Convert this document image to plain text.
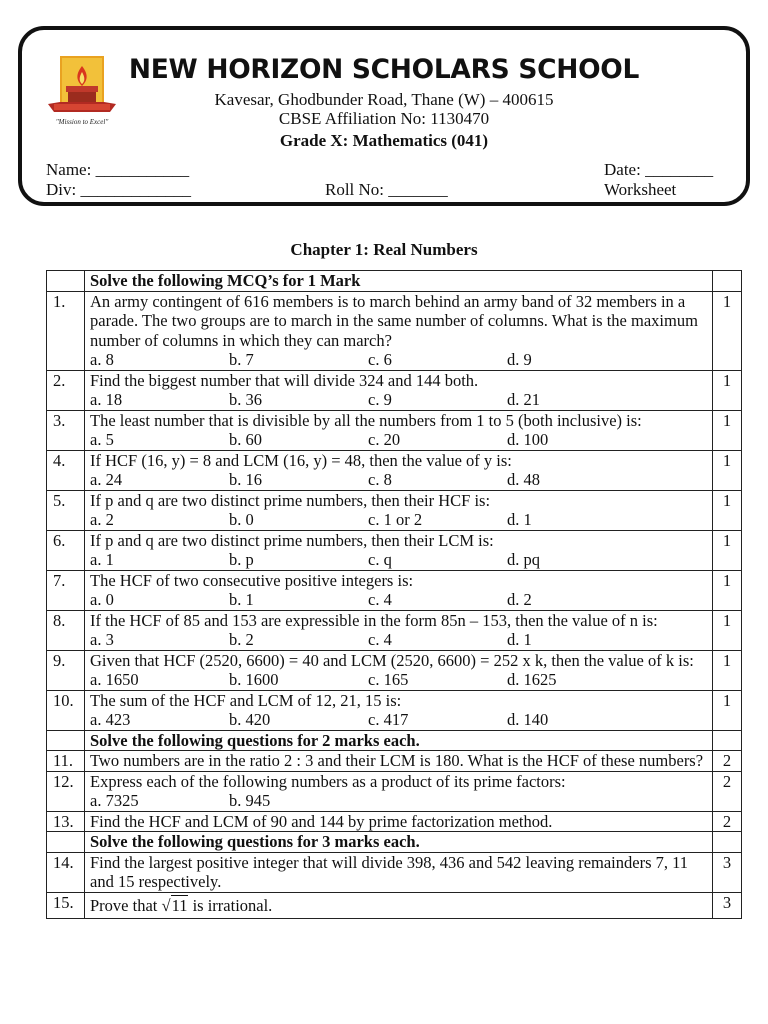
"Mission to Excel"
NEW HORIZON SCHOLARS SCHOOL
Kavesar, Ghodbunder Road, Thane (W) – 400615
CBSE Affiliation No: 1130470
Grade X: Mathematics (041)
Name: ___________	Date: ________
Div: _____________	Roll No: _______	Worksheet
Chapter 1: Real Numbers
	Solve the following MCQ’s for 1 Mark	
1.	An army contingent of 616 members is to march behind an army band of 32 members in a parade. The two groups are to march in the same number of columns. What is the maximum number of columns in which they can march?
a. 8 b. 7 c. 6 d. 9	1
2.	Find the biggest number that will divide 324 and 144 both.
a. 18 b. 36 c. 9 d. 21	1
3.	The least number that is divisible by all the numbers from 1 to 5 (both inclusive) is:
a. 5 b. 60 c. 20 d. 100	1
4.	If HCF (16, y) = 8 and LCM (16, y) = 48, then the value of y is:
a. 24 b. 16 c. 8 d. 48	1
5.	If p and q are two distinct prime numbers, then their HCF is:
a. 2 b. 0 c. 1 or 2 d. 1	1
6.	If p and q are two distinct prime numbers, then their LCM is:
a. 1 b. p c. q d. pq	1
7.	The HCF of two consecutive positive integers is:
a. 0 b. 1 c. 4 d. 2	1
8.	If the HCF of 85 and 153 are expressible in the form 85n – 153, then the value of n is:
a. 3 b. 2 c. 4 d. 1	1
9.	Given that HCF (2520, 6600) = 40 and LCM (2520, 6600) = 252 x k, then the value of k is:
a. 1650 b. 1600 c. 165 d. 1625	1
10.	The sum of the HCF and LCM of 12, 21, 15 is:
a. 423 b. 420 c. 417 d. 140	1
	Solve the following questions for 2 marks each.	
11.	Two numbers are in the ratio 2 : 3 and their LCM is 180. What is the HCF of these numbers?	2
12.	Express each of the following numbers as a product of its prime factors:
a. 7325 b. 945	2
13.	Find the HCF and LCM of 90 and 144 by prime factorization method.	2
	Solve the following questions for 3 marks each.	
14.	Find the largest positive integer that will divide 398, 436 and 542 leaving remainders 7, 11 and 15 respectively.	3
15.	Prove that √11 is irrational.	3
